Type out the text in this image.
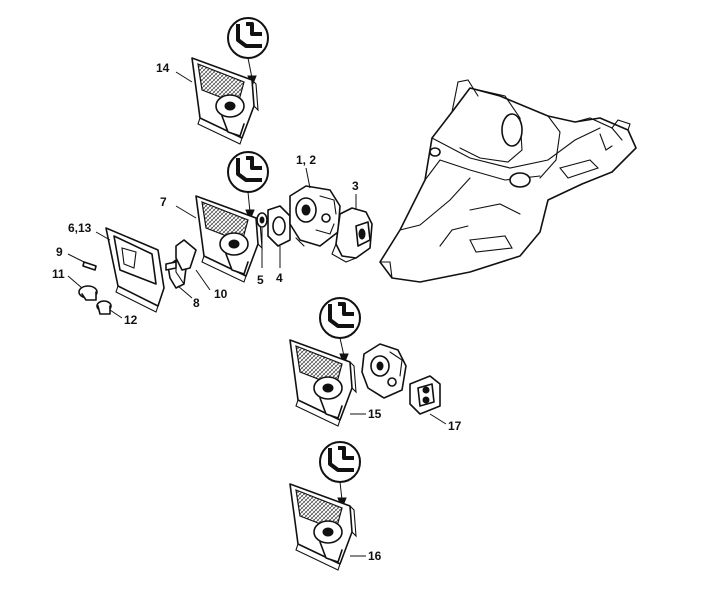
14
7
6,13
9
11
12
8
10
5 4
1, 2
3
15
17
16
